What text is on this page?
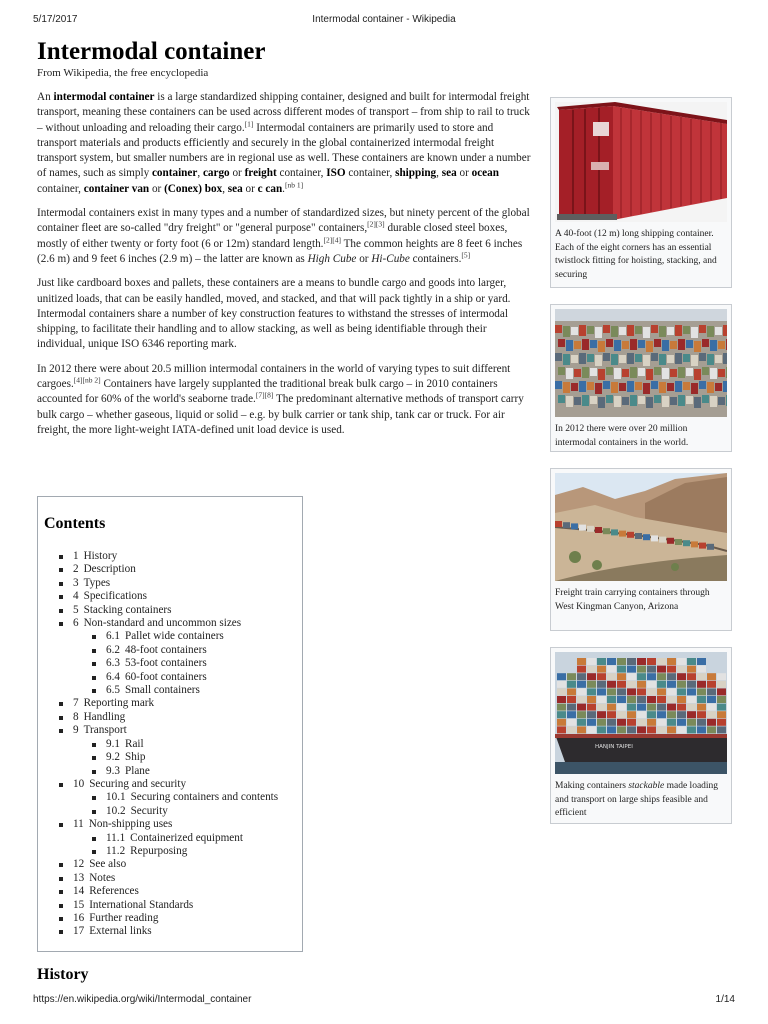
5/17/2017	Intermodal container - Wikipedia
Intermodal container
From Wikipedia, the free encyclopedia

An intermodal container is a large standardized shipping container, designed and built for intermodal freight transport, meaning these containers can be used across different modes of transport – from ship to rail to truck – without unloading and reloading their cargo.[1] Intermodal containers are primarily used to store and transport materials and products efficiently and securely in the global containerized intermodal freight transport system, but smaller numbers are in regional use as well. These containers are known under a number of names, such as simply container, cargo or freight container, ISO container, shipping, sea or ocean container, container van or (Conex) box, sea or c can.[nb 1]

Intermodal containers exist in many types and a number of standardized sizes, but ninety percent of the global container fleet are so-called "dry freight" or "general purpose" containers,[2][3] durable closed steel boxes, mostly of either twenty or forty foot (6 or 12m) standard length.[2][4] The common heights are 8 feet 6 inches (2.6 m) and 9 feet 6 inches (2.9 m) – the latter are known as High Cube or Hi-Cube containers.[5]

Just like cardboard boxes and pallets, these containers are a means to bundle cargo and goods into larger, unitized loads, that can be easily handled, moved, and stacked, and that will pack tightly in a ship or yard. Intermodal containers share a number of key construction features to withstand the stresses of intermodal shipping, to facilitate their handling and to allow stacking, as well as being identifiable through their individual, unique ISO 6346 reporting mark.

In 2012 there were about 20.5 million intermodal containers in the world of varying types to suit different cargoes.[4][nb 2] Containers have largely supplanted the traditional break bulk cargo – in 2010 containers accounted for 60% of the world's seaborne trade.[7][8] The predominant alternative methods of transport carry bulk cargo – whether gaseous, liquid or solid – e.g. by bulk carrier or tank ship, tank car or truck. For air freight, the more light-weight IATA-defined unit load device is used.

Contents
1 History
2 Description
3 Types
4 Specifications
5 Stacking containers
6 Non-standard and uncommon sizes
6.1 Pallet wide containers
6.2 48-foot containers
6.3 53-foot containers
6.4 60-foot containers
6.5 Small containers
7 Reporting mark
8 Handling
9 Transport
9.1 Rail
9.2 Ship
9.3 Plane
10 Securing and security
10.1 Securing containers and contents
10.2 Security
11 Non-shipping uses
11.1 Containerized equipment
11.2 Repurposing
12 See also
13 Notes
14 References
15 International Standards
16 Further reading
17 External links
History
A 40-foot (12 m) long shipping container. Each of the eight corners has an essential twistlock fitting for hoisting, stacking, and securing
In 2012 there were over 20 million intermodal containers in the world.
Freight train carrying containers through West Kingman Canyon, Arizona
HANJIN TAIPEI
Making containers stackable made loading and transport on large ships feasible and efficient
https://en.wikipedia.org/wiki/Intermodal_container	1/14
